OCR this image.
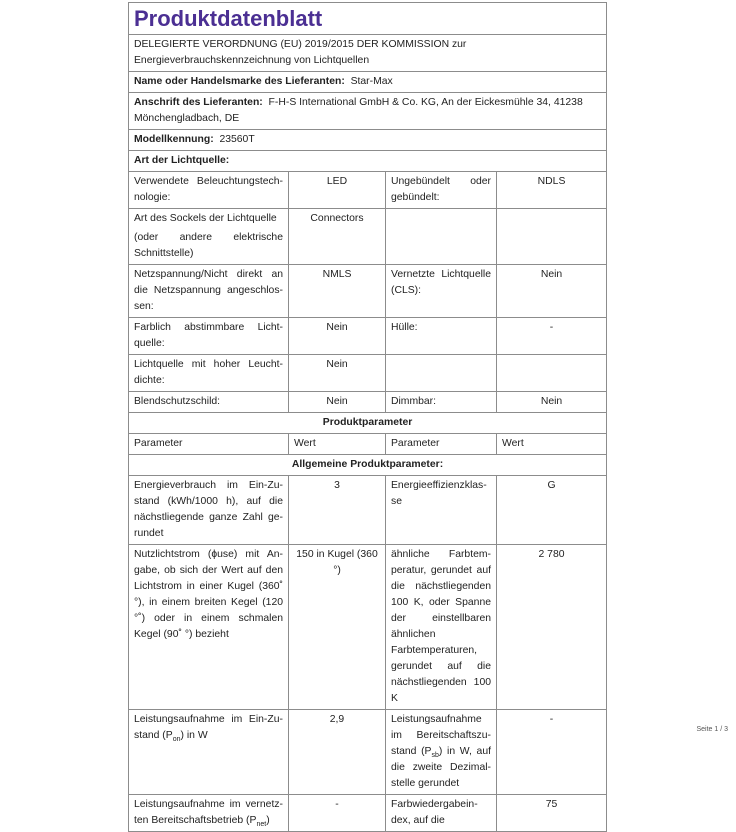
Produktdatenblatt			
DELEGIERTE VERORDNUNG (EU) 2019/2015 DER KOMMISSION zur Energieverbrauchskennzeichnung von Lichtquellen			
Name oder Handelsmarke des Lieferanten: Star-Max			
Anschrift des Lieferanten: F-H-S International GmbH & Co. KG, An der Eickesmühle 34, 41238 Mönchengladbach, DE			
Modellkennung: 23560T			
Art der Lichtquelle:			
Verwendete Beleuchtungstechnologie:	LED	Ungebündelt oder gebündelt:	NDLS

Art des Sockels der Lichtquelle
(oder andere elektrische Schnittstelle)	Connectors		
Netzspannung/Nicht direkt an die Netzspannung angeschlossen:	NMLS	Vernetzte Lichtquelle (CLS):	Nein
Farblich abstimmbare Lichtquelle:	Nein	Hülle:	-
Lichtquelle mit hoher Leuchtdichte:	Nein		
Blendschutzschild:	Nein	Dimmbar:	Nein
Produktparameter			
Parameter	Wert	Parameter	Wert
Allgemeine Produktparameter:			
Energieverbrauch im Ein-Zustand (kWh/1000 h), auf die nächstliegende ganze Zahl gerundet	3	Energieeffizienzklasse	G
Nutzlichtstrom (ɸuse) mit Angabe, ob sich der Wert auf den Lichtstrom in einer Kugel (360˚ °), in einem breiten Kegel (120 °˚) oder in einem schmalen Kegel (90˚ °) bezieht	150 in Kugel (360 °)	ähnliche Farbtemperatur, gerundet auf die nächstliegenden 100 K, oder Spanne der einstellbaren ähnlichen Farbtemperaturen, gerundet auf die nächstliegenden 100 K	2 780
Leistungsaufnahme im Ein-Zustand $(P_{on})$ in W	2,9	Leistungsaufnahme im Bereitschaftszustand $(P_{sb})$ in W, auf die zweite Dezimalstelle gerundet	-
Leistungsaufnahme im vernetzten Bereitschaftsbetrieb $(P_{net})$	-	Farbwiedergabeindex, auf die	75
Seite 1 / 3
